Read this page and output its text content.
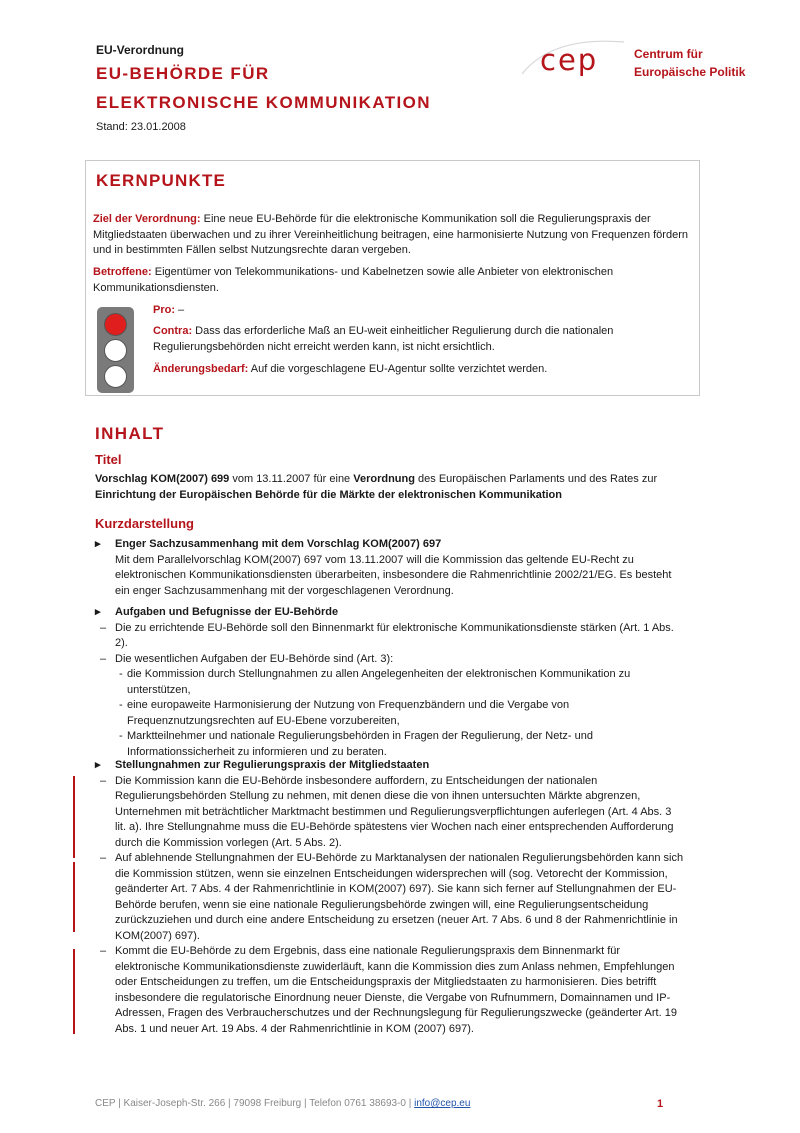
EU-Verordnung
EU-BEHÖRDE FÜR
ELEKTRONISCHE KOMMUNIKATION
Stand: 23.01.2008
cep	Centrum für
Europäische Politik
KERNPUNKTE
Ziel der Verordnung: Eine neue EU-Behörde für die elektronische Kommunikation soll die Regulierungspraxis der Mitgliedstaaten überwachen und zu ihrer Vereinheitlichung beitragen, eine harmonisierte Nutzung von Frequenzen fördern und in bestimmten Fällen selbst Nutzungsrechte daran vergeben.
Betroffene: Eigentümer von Telekommunikations- und Kabelnetzen sowie alle Anbieter von elektronischen Kommunikationsdiensten.
Pro: –
Contra: Dass das erforderliche Maß an EU-weit einheitlicher Regulierung durch die nationalen Regulierungsbehörden nicht erreicht werden kann, ist nicht ersichtlich.
Änderungsbedarf: Auf die vorgeschlagene EU-Agentur sollte verzichtet werden.
INHALT
Titel
Vorschlag KOM(2007) 699 vom 13.11.2007 für eine Verordnung des Europäischen Parlaments und des Rates zur Einrichtung der Europäischen Behörde für die Märkte der elektronischen Kommunikation
Kurzdarstellung
▸ Enger Sachzusammenhang mit dem Vorschlag KOM(2007) 697
Mit dem Parallelvorschlag KOM(2007) 697 vom 13.11.2007 will die Kommission das geltende EU-Recht zu elektronischen Kommunikationsdiensten überarbeiten, insbesondere die Rahmenrichtlinie 2002/21/EG. Es besteht ein enger Sachzusammenhang mit der vorgeschlagenen Verordnung.
▸ Aufgaben und Befugnisse der EU-Behörde
– Die zu errichtende EU-Behörde soll den Binnenmarkt für elektronische Kommunikationsdienste stärken (Art. 1 Abs. 2).
– Die wesentlichen Aufgaben der EU-Behörde sind (Art. 3):
- die Kommission durch Stellungnahmen zu allen Angelegenheiten der elektronischen Kommunikation zu unterstützen,
- eine europaweite Harmonisierung der Nutzung von Frequenzbändern und die Vergabe von Frequenznutzungsrechten auf EU-Ebene vorzubereiten,
- Marktteilnehmer und nationale Regulierungsbehörden in Fragen der Regulierung, der Netz- und Informationssicherheit zu informieren und zu beraten.
▸ Stellungnahmen zur Regulierungspraxis der Mitgliedstaaten
– Die Kommission kann die EU-Behörde insbesondere auffordern, zu Entscheidungen der nationalen Regulierungsbehörden Stellung zu nehmen, mit denen diese die von ihnen untersuchten Märkte abgrenzen, Unternehmen mit beträchtlicher Marktmacht bestimmen und Regulierungsverpflichtungen auferlegen (Art. 4 Abs. 3 lit. a). Ihre Stellungnahme muss die EU-Behörde spätestens vier Wochen nach einer entsprechenden Aufforderung durch die Kommission vorlegen (Art. 5 Abs. 2).
– Auf ablehnende Stellungnahmen der EU-Behörde zu Marktanalysen der nationalen Regulierungsbehörden kann sich die Kommission stützen, wenn sie einzelnen Entscheidungen widersprechen will (sog. Vetorecht der Kommission, geänderter Art. 7 Abs. 4 der Rahmenrichtlinie in KOM(2007) 697). Sie kann sich ferner auf Stellungnahmen der EU-Behörde berufen, wenn sie eine nationale Regulierungsbehörde zwingen will, eine Regulierungsentscheidung zurückzuziehen und durch eine andere Entscheidung zu ersetzen (neuer Art. 7 Abs. 6 und 8 der Rahmenrichtlinie in KOM(2007) 697).
– Kommt die EU-Behörde zu dem Ergebnis, dass eine nationale Regulierungspraxis dem Binnenmarkt für elektronische Kommunikationsdienste zuwiderläuft, kann die Kommission dies zum Anlass nehmen, Empfehlungen oder Entscheidungen zu treffen, um die Entscheidungspraxis der Mitgliedstaaten zu harmonisieren. Dies betrifft insbesondere die regulatorische Einordnung neuer Dienste, die Vergabe von Rufnummern, Domainnamen und IP-Adressen, Fragen des Verbraucherschutzes und der Rechnungslegung für Regulierungszwecke (geänderter Art. 19 Abs. 1 und neuer Art. 19 Abs. 4 der Rahmenrichtlinie in KOM (2007) 697).
CEP | Kaiser-Joseph-Str. 266 | 79098 Freiburg | Telefon 0761 38693-0 | info@cep.eu	1
